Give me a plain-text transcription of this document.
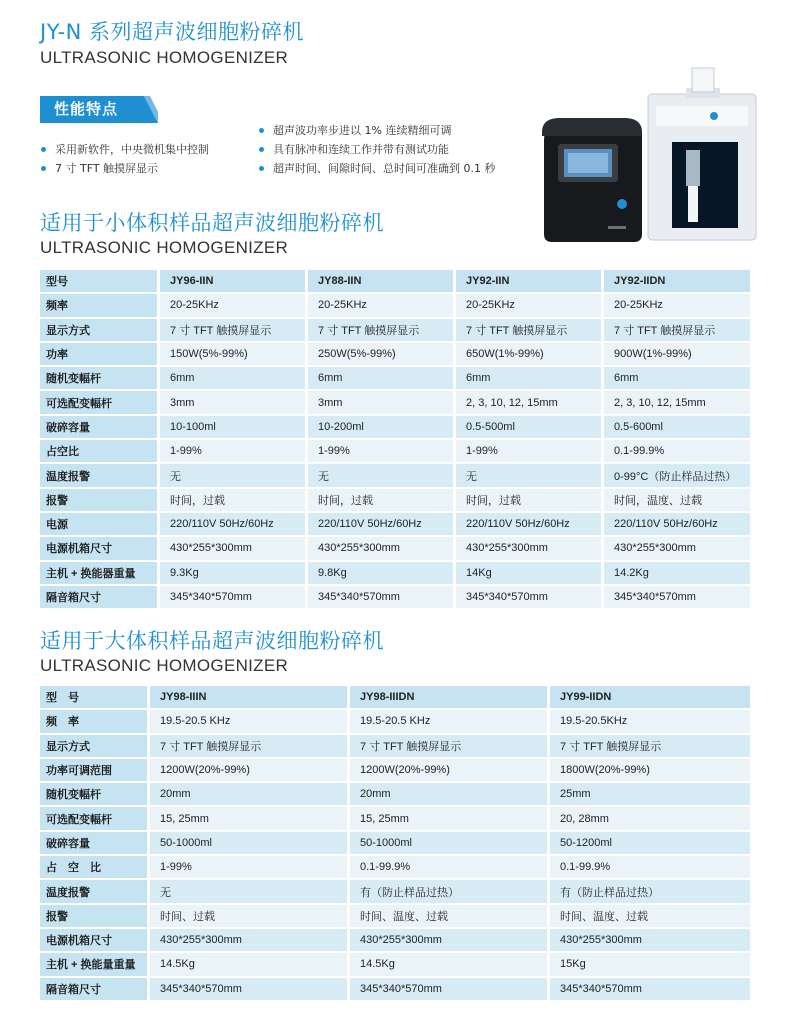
JY-N 系列超声波细胞粉碎机
ULTRASONIC HOMOGENIZER
性能特点
采用新软件，中央微机集中控制
7 寸 TFT 触摸屏显示
超声波功率步进以 1% 连续精细可调
具有脉冲和连续工作并带有测试功能
超声时间、间隙时间、总时间可准确到 0.1 秒
适用于小体积样品超声波细胞粉碎机
ULTRASONIC HOMOGENIZER
型号	JY96-IIN	JY88-IIN	JY92-IIN	JY92-IIDN
频率	20-25KHz	20-25KHz	20-25KHz	20-25KHz
显示方式	7 寸 TFT 触摸屏显示	7 寸 TFT 触摸屏显示	7 寸 TFT 触摸屏显示	7 寸 TFT 触摸屏显示
功率	150W(5%-99%)	250W(5%-99%)	650W(1%-99%)	900W(1%-99%)
随机变幅杆	6mm	6mm	6mm	6mm
可选配变幅杆	3mm	3mm	2, 3, 10, 12, 15mm	2, 3, 10, 12, 15mm
破碎容量	10-100ml	10-200ml	0.5-500ml	0.5-600ml
占空比	1-99%	1-99%	1-99%	0.1-99.9%
温度报警	无	无	无	0-99°C（防止样品过热）
报警	时间，过载	时间，过载	时间，过载	时间，温度、过载
电源	220/110V 50Hz/60Hz	220/110V 50Hz/60Hz	220/110V 50Hz/60Hz	220/110V 50Hz/60Hz
电源机箱尺寸	430*255*300mm	430*255*300mm	430*255*300mm	430*255*300mm
主机 + 换能器重量	9.3Kg	9.8Kg	14Kg	14.2Kg
隔音箱尺寸	345*340*570mm	345*340*570mm	345*340*570mm	345*340*570mm
适用于大体积样品超声波细胞粉碎机
ULTRASONIC HOMOGENIZER
型　号	JY98-IIIN	JY98-IIIDN	JY99-IIDN
频　率	19.5-20.5 KHz	19.5-20.5 KHz	19.5-20.5KHz
显示方式	7 寸 TFT 触摸屏显示	7 寸 TFT 触摸屏显示	7 寸 TFT 触摸屏显示
功率可调范围	1200W(20%-99%)	1200W(20%-99%)	1800W(20%-99%)
随机变幅杆	20mm	20mm	25mm
可选配变幅杆	15, 25mm	15, 25mm	20, 28mm
破碎容量	50-1000ml	50-1000ml	50-1200ml
占　空　比	1-99%	0.1-99.9%	0.1-99.9%
温度报警	无	有（防止样品过热）	有（防止样品过热）
报警	时间、过载	时间、温度、过载	时间、温度、过载
电源机箱尺寸	430*255*300mm	430*255*300mm	430*255*300mm
主机 + 换能量重量	14.5Kg	14.5Kg	15Kg
隔音箱尺寸	345*340*570mm	345*340*570mm	345*340*570mm
